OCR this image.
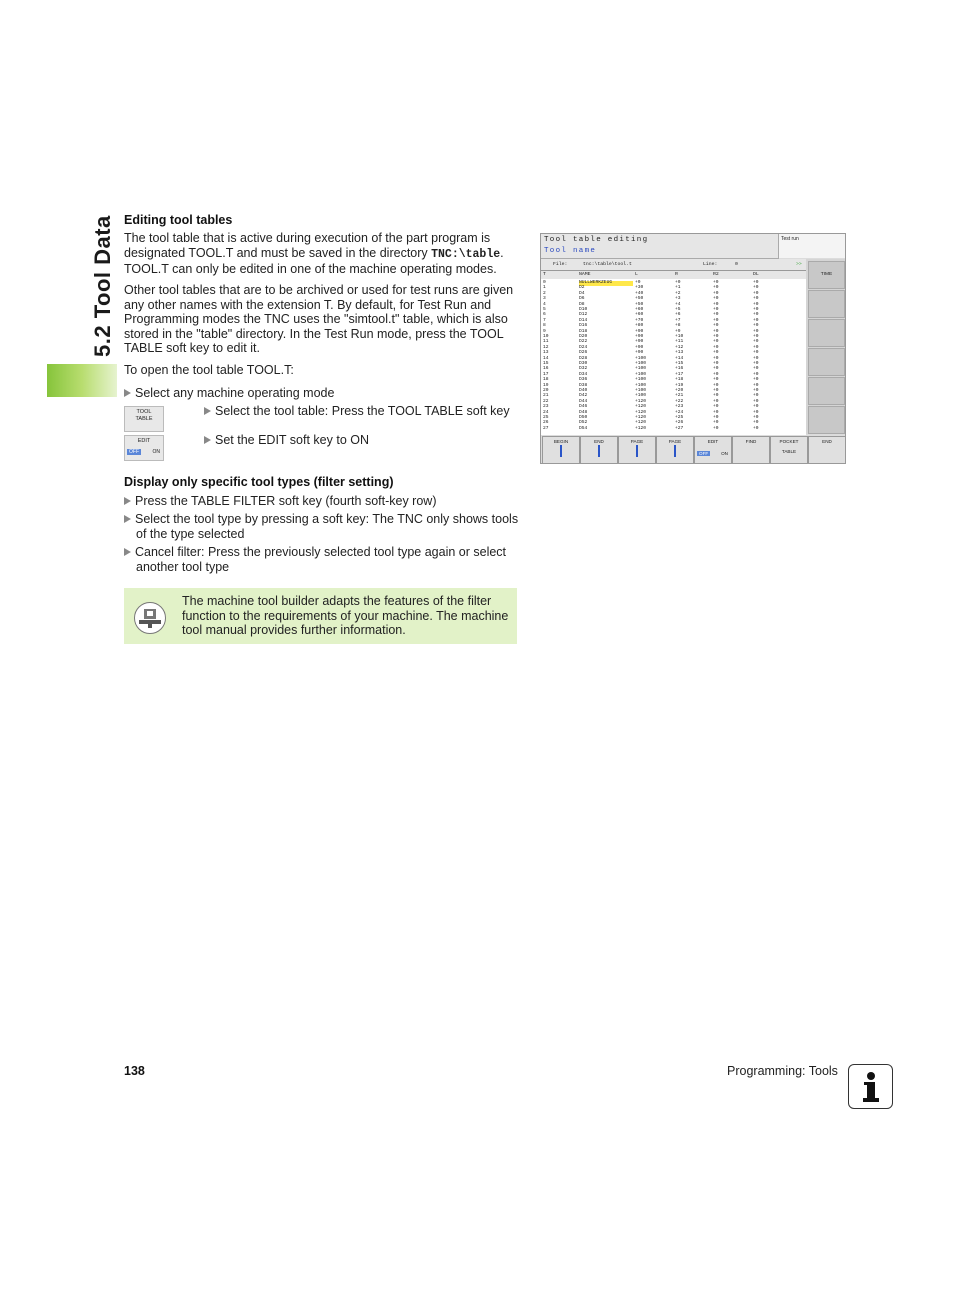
5.2 Tool Data Editing tool tables
The tool table that is active during execution of the part program is designated TOOL.T and must be saved in the directory TNC:\table. TOOL.T can only be edited in one of the machine operating modes.
Other tool tables that are to be archived or used for test runs are given any other names with the extension T. By default, for Test Run and Programming modes the TNC uses the "simtool.t" table, which is also stored in the "table" directory. In the Test Run mode, press the TOOL TABLE soft key to edit it.
To open the tool table TOOL.T:
Select any machine operating mode
TOOL
TABLE
Select the tool table: Press the TOOL TABLE soft key
EDIT
OFF	ON
Set the EDIT soft key to ON
Display only specific tool types (filter setting)
Press the TABLE FILTER soft key (fourth soft-key row)
Select the tool type by pressing a soft key: The TNC only shows tools of the type selected
Cancel filter: Press the previously selected tool type again or select another tool type
The machine tool builder adapts the features of the filter function to the requirements of your machine. The machine tool manual provides further information.
Tool table editing
Tool name
Test run
File:	tnc:\table\tool.t	Line:	0	>>
T	NAME	L	R	R2	DL
0	NULLWERKZEUG	+0	+0	+0	+0
1	D2	+30	+1	+0	+0
2	D4	+40	+2	+0	+0
3	D6	+50	+3	+0	+0
4	D8	+50	+4	+0	+0
5	D10	+60	+5	+0	+0
6	D12	+60	+6	+0	+0
7	D14	+70	+7	+0	+0
8	D16	+80	+8	+0	+0
9	D18	+90	+9	+0	+0
10	D20	+90	+10	+0	+0
11	D22	+90	+11	+0	+0
12	D24	+90	+12	+0	+0
13	D26	+90	+13	+0	+0
14	D28	+100	+14	+0	+0
15	D30	+100	+15	+0	+0
16	D32	+100	+16	+0	+0
17	D34	+100	+17	+0	+0
18	D36	+100	+18	+0	+0
19	D38	+100	+19	+0	+0
20	D40	+100	+20	+0	+0
21	D42	+100	+21	+0	+0
22	D44	+120	+22	+0	+0
23	D46	+120	+23	+0	+0
24	D48	+120	+24	+0	+0
25	D50	+120	+25	+0	+0
26	D52	+120	+26	+0	+0
27	D54	+120	+27	+0	+0
TIME
BEGIN	END	PAGE	PAGE	EDIT
OFF	ON
FIND	POCKET
TABLE
END
138	Programming: Tools
